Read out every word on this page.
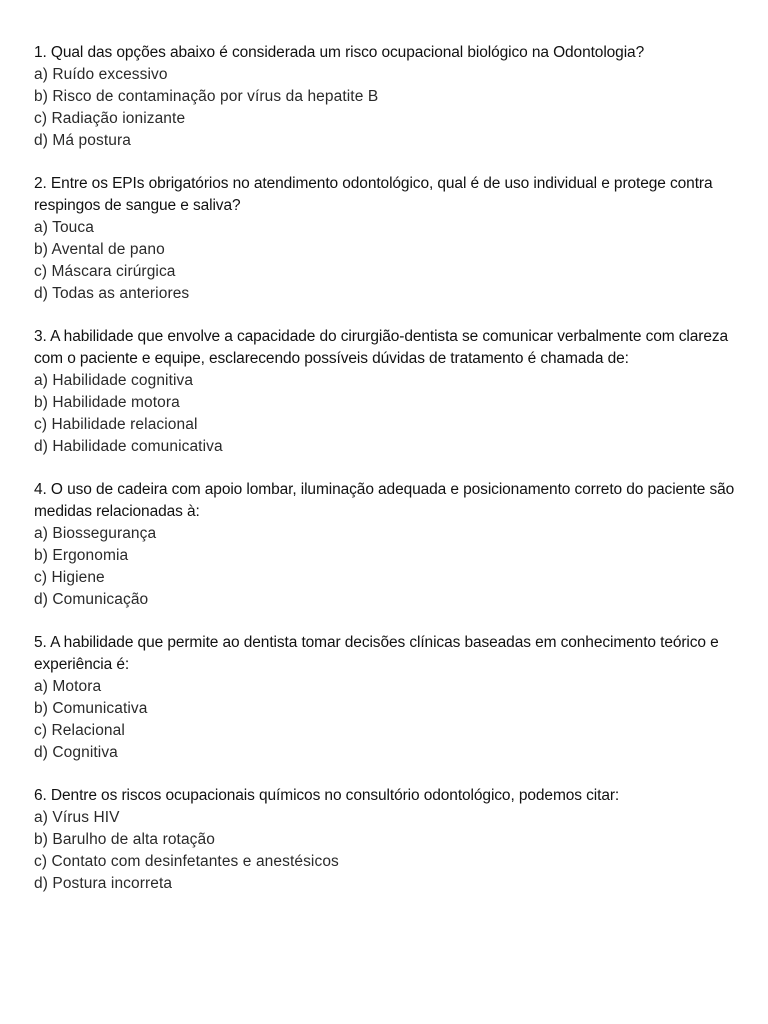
1. Qual das opções abaixo é considerada um risco ocupacional biológico na Odontologia?

a) Ruído excessivo
b) Risco de contaminação por vírus da hepatite B
c) Radiação ionizante
d) Má postura

2. Entre os EPIs obrigatórios no atendimento odontológico, qual é de uso individual e protege contra respingos de sangue e saliva?

a) Touca
b) Avental de pano
c) Máscara cirúrgica
d) Todas as anteriores

3. A habilidade que envolve a capacidade do cirurgião-dentista se comunicar verbalmente com clareza com o paciente e equipe, esclarecendo possíveis dúvidas de tratamento é chamada de:

a) Habilidade cognitiva
b) Habilidade motora
c) Habilidade relacional
d) Habilidade comunicativa

4. O uso de cadeira com apoio lombar, iluminação adequada e posicionamento correto do paciente são medidas relacionadas à:

a) Biossegurança
b) Ergonomia
c) Higiene
d) Comunicação

5. A habilidade que permite ao dentista tomar decisões clínicas baseadas em conhecimento teórico e experiência é:

a) Motora
b) Comunicativa
c) Relacional
d) Cognitiva

6. Dentre os riscos ocupacionais químicos no consultório odontológico, podemos citar:

a) Vírus HIV
b) Barulho de alta rotação
c) Contato com desinfetantes e anestésicos
d) Postura incorreta
